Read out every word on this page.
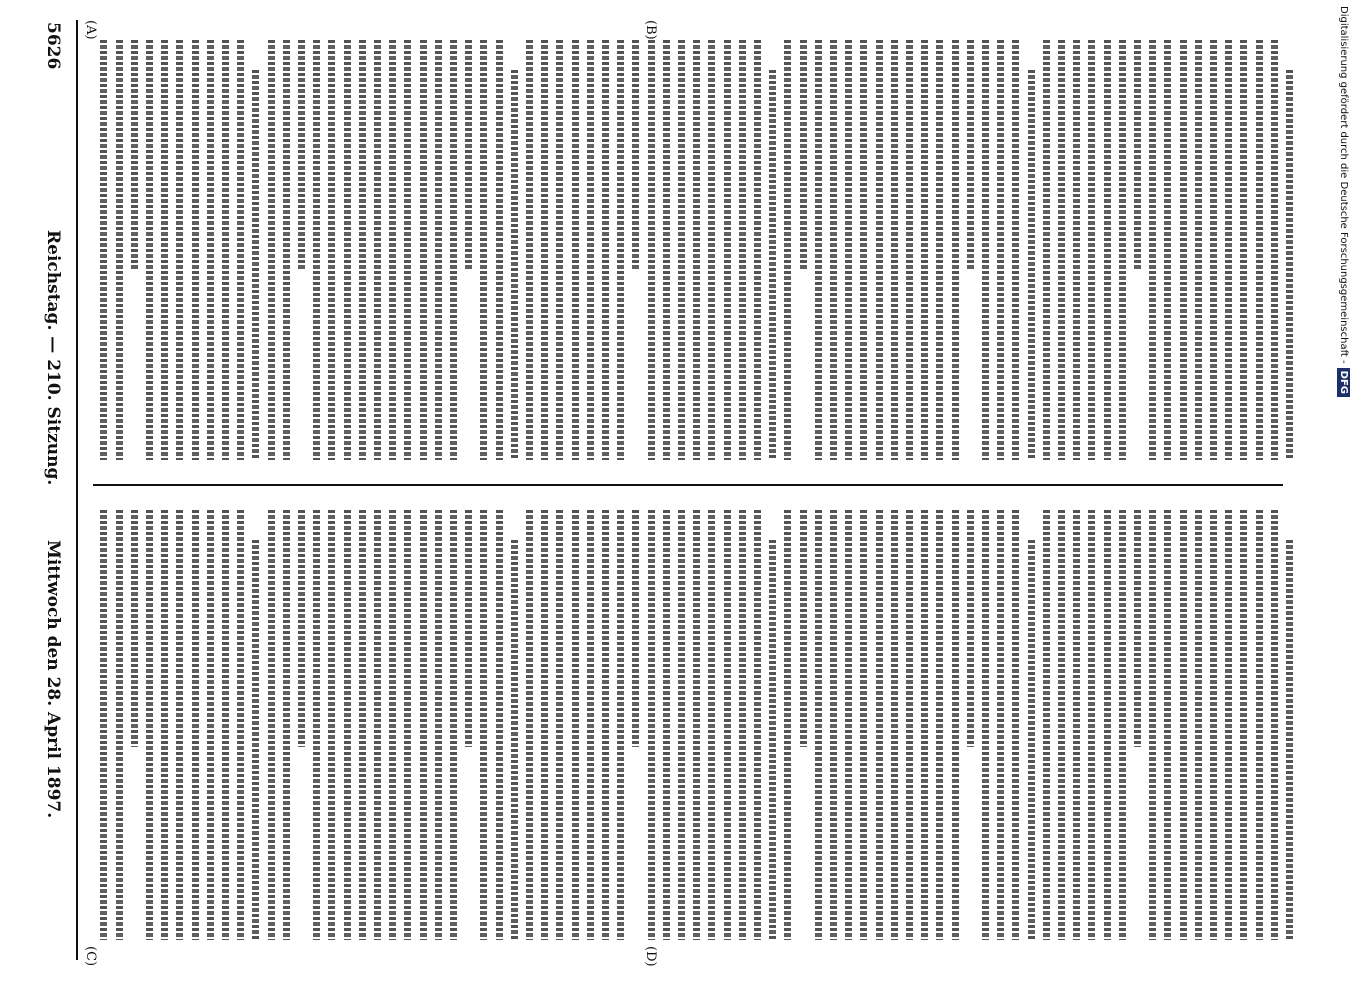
5626
Reichstag. — 210. Sitzung.
Mittwoch den 28. April 1897.
(A)	(B)
(C)	(D)
Digitalisierung gefördert durch die Deutsche Forschungsgemeinschaft -
DFG
